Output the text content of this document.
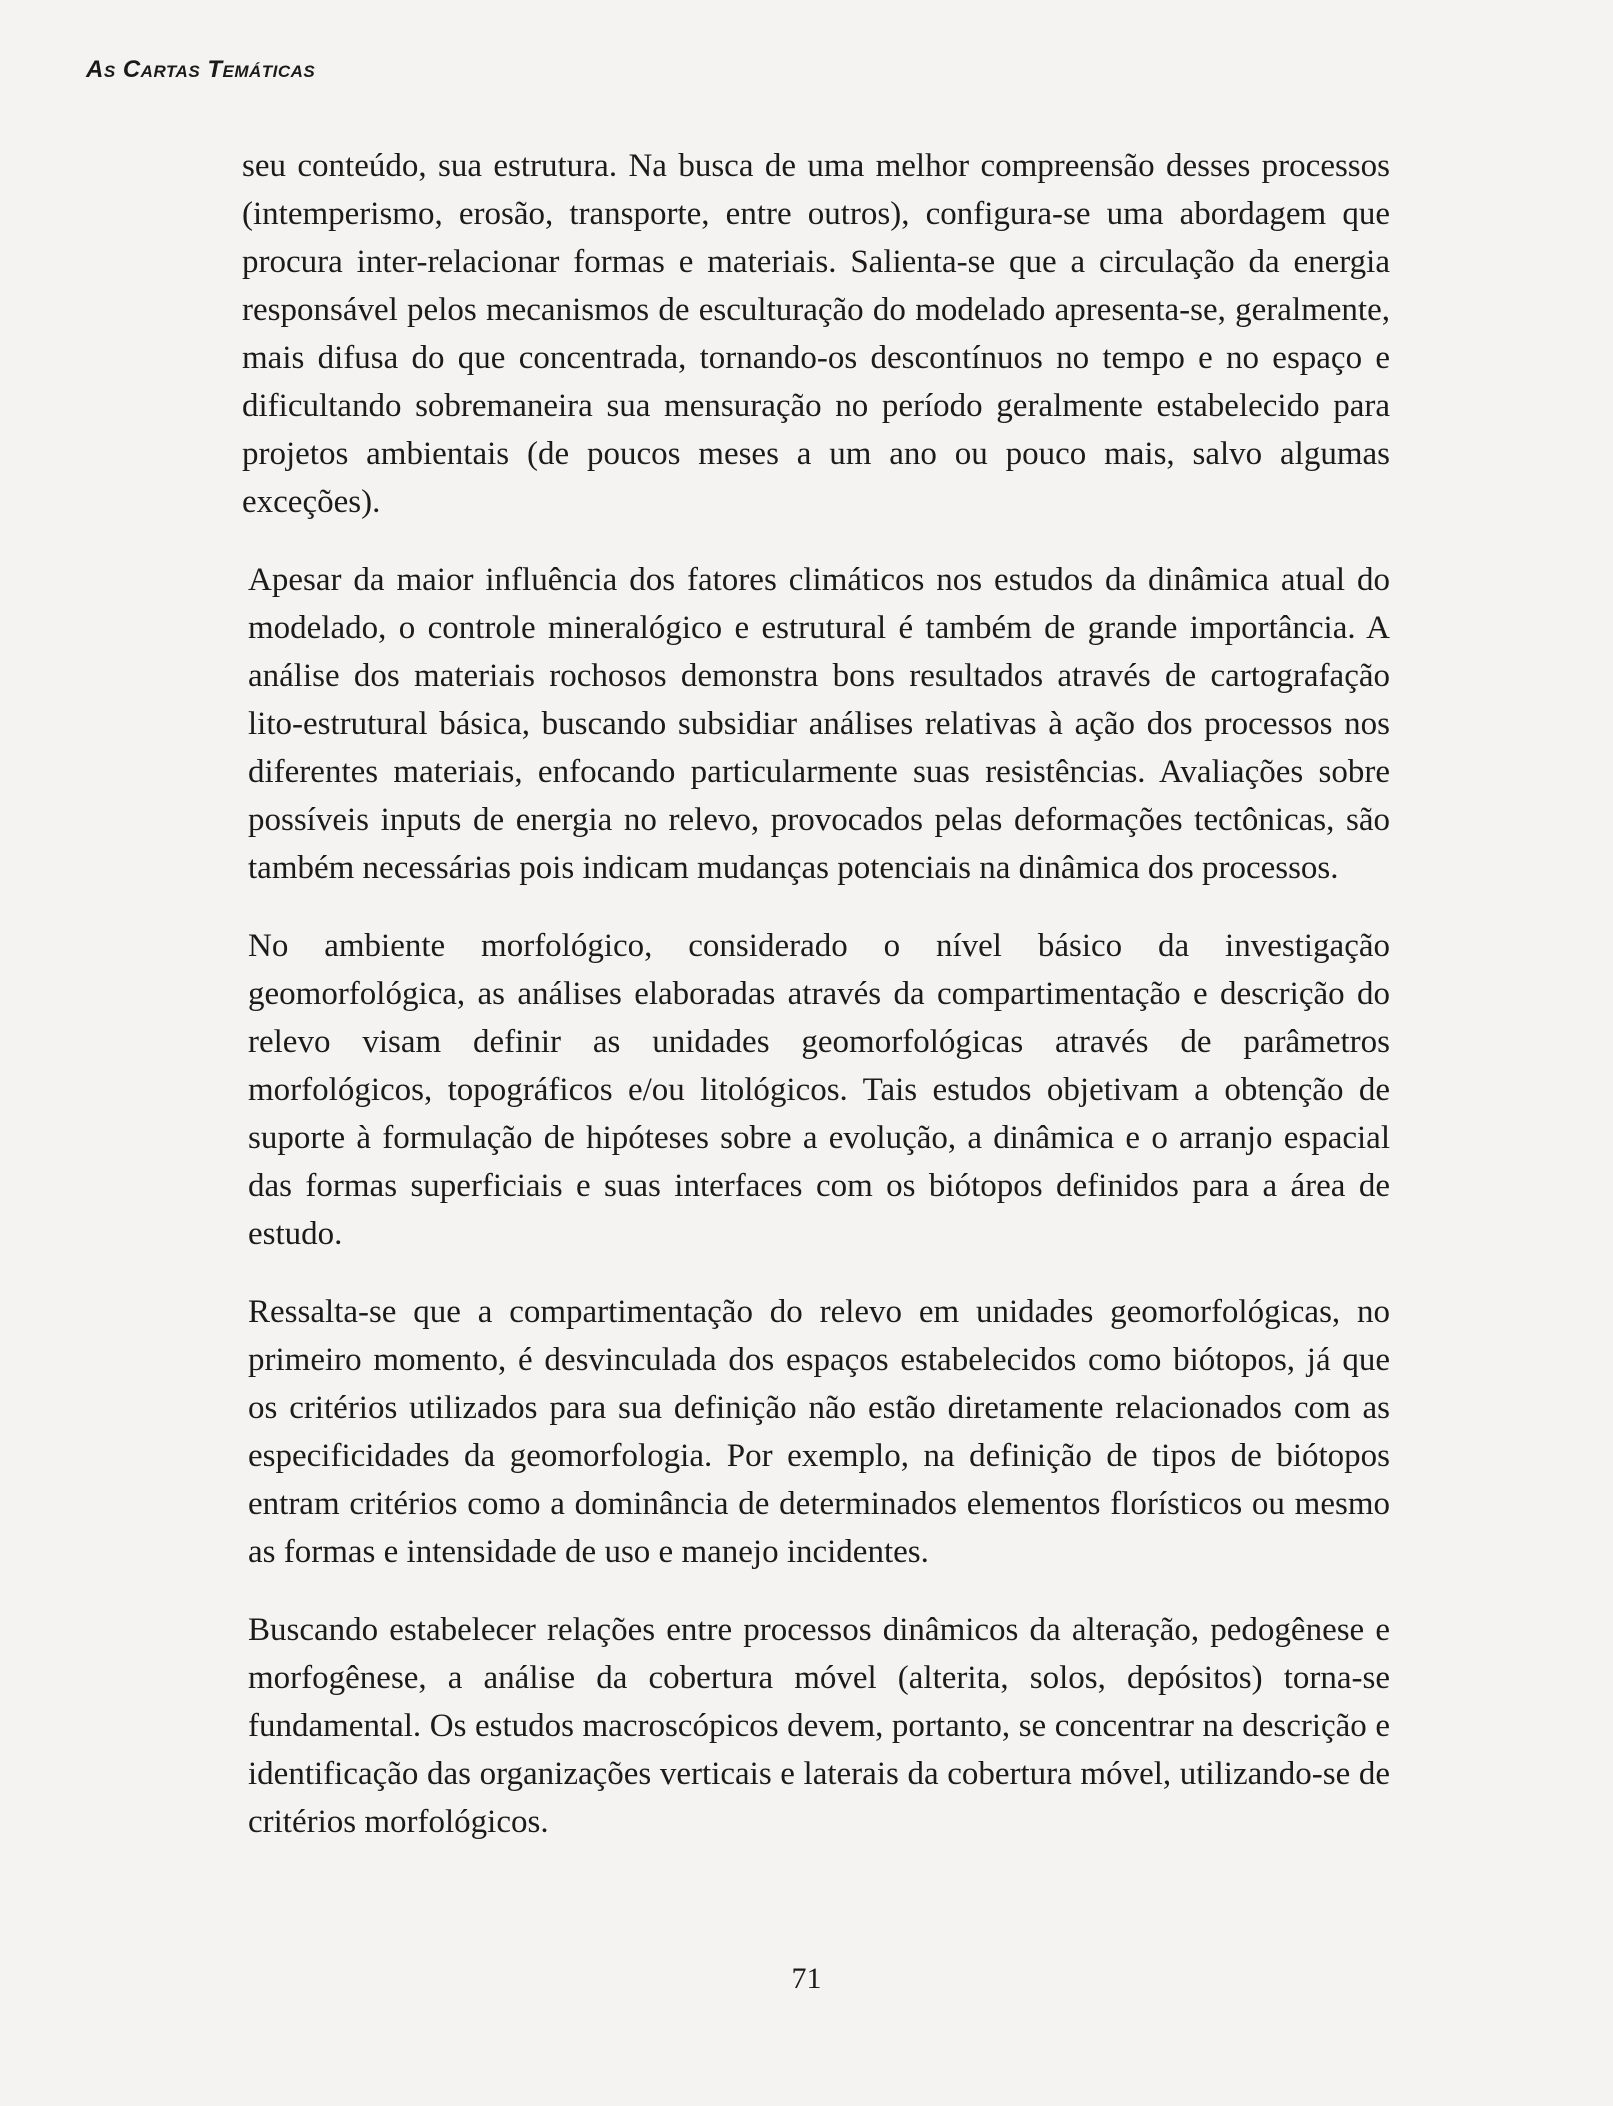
As Cartas Temáticas

seu conteúdo, sua estrutura. Na busca de uma melhor compreensão desses processos (intemperismo, erosão, transporte, entre outros), configura-se uma abordagem que procura inter-relacionar formas e materiais. Salienta-se que a circulação da energia responsável pelos mecanismos de esculturação do modelado apresenta-se, geralmente, mais difusa do que concentrada, tornando-os descontínuos no tempo e no espaço e dificultando sobremaneira sua mensuração no período geralmente estabelecido para projetos ambientais (de poucos meses a um ano ou pouco mais, salvo algumas exceções).

Apesar da maior influência dos fatores climáticos nos estudos da dinâmica atual do modelado, o controle mineralógico e estrutural é também de grande importância. A análise dos materiais rochosos demonstra bons resultados através de cartografação lito-estrutural básica, buscando subsidiar análises relativas à ação dos processos nos diferentes materiais, enfocando particularmente suas resistências. Avaliações sobre possíveis inputs de energia no relevo, provocados pelas deformações tectônicas, são também necessárias pois indicam mudanças potenciais na dinâmica dos processos.

No ambiente morfológico, considerado o nível básico da investigação geomorfológica, as análises elaboradas através da compartimentação e descrição do relevo visam definir as unidades geomorfológicas através de parâmetros morfológicos, topográficos e/ou litológicos. Tais estudos objetivam a obtenção de suporte à formulação de hipóteses sobre a evolução, a dinâmica e o arranjo espacial das formas superficiais e suas interfaces com os biótopos definidos para a área de estudo.

Ressalta-se que a compartimentação do relevo em unidades geomorfológicas, no primeiro momento, é desvinculada dos espaços estabelecidos como biótopos, já que os critérios utilizados para sua definição não estão diretamente relacionados com as especificidades da geomorfologia. Por exemplo, na definição de tipos de biótopos entram critérios como a dominância de determinados elementos florísticos ou mesmo as formas e intensidade de uso e manejo incidentes.

Buscando estabelecer relações entre processos dinâmicos da alteração, pedogênese e morfogênese, a análise da cobertura móvel (alterita, solos, depósitos) torna-se fundamental. Os estudos macroscópicos devem, portanto, se concentrar na descrição e identificação das organizações verticais e laterais da cobertura móvel, utilizando-se de critérios morfológicos.

71
